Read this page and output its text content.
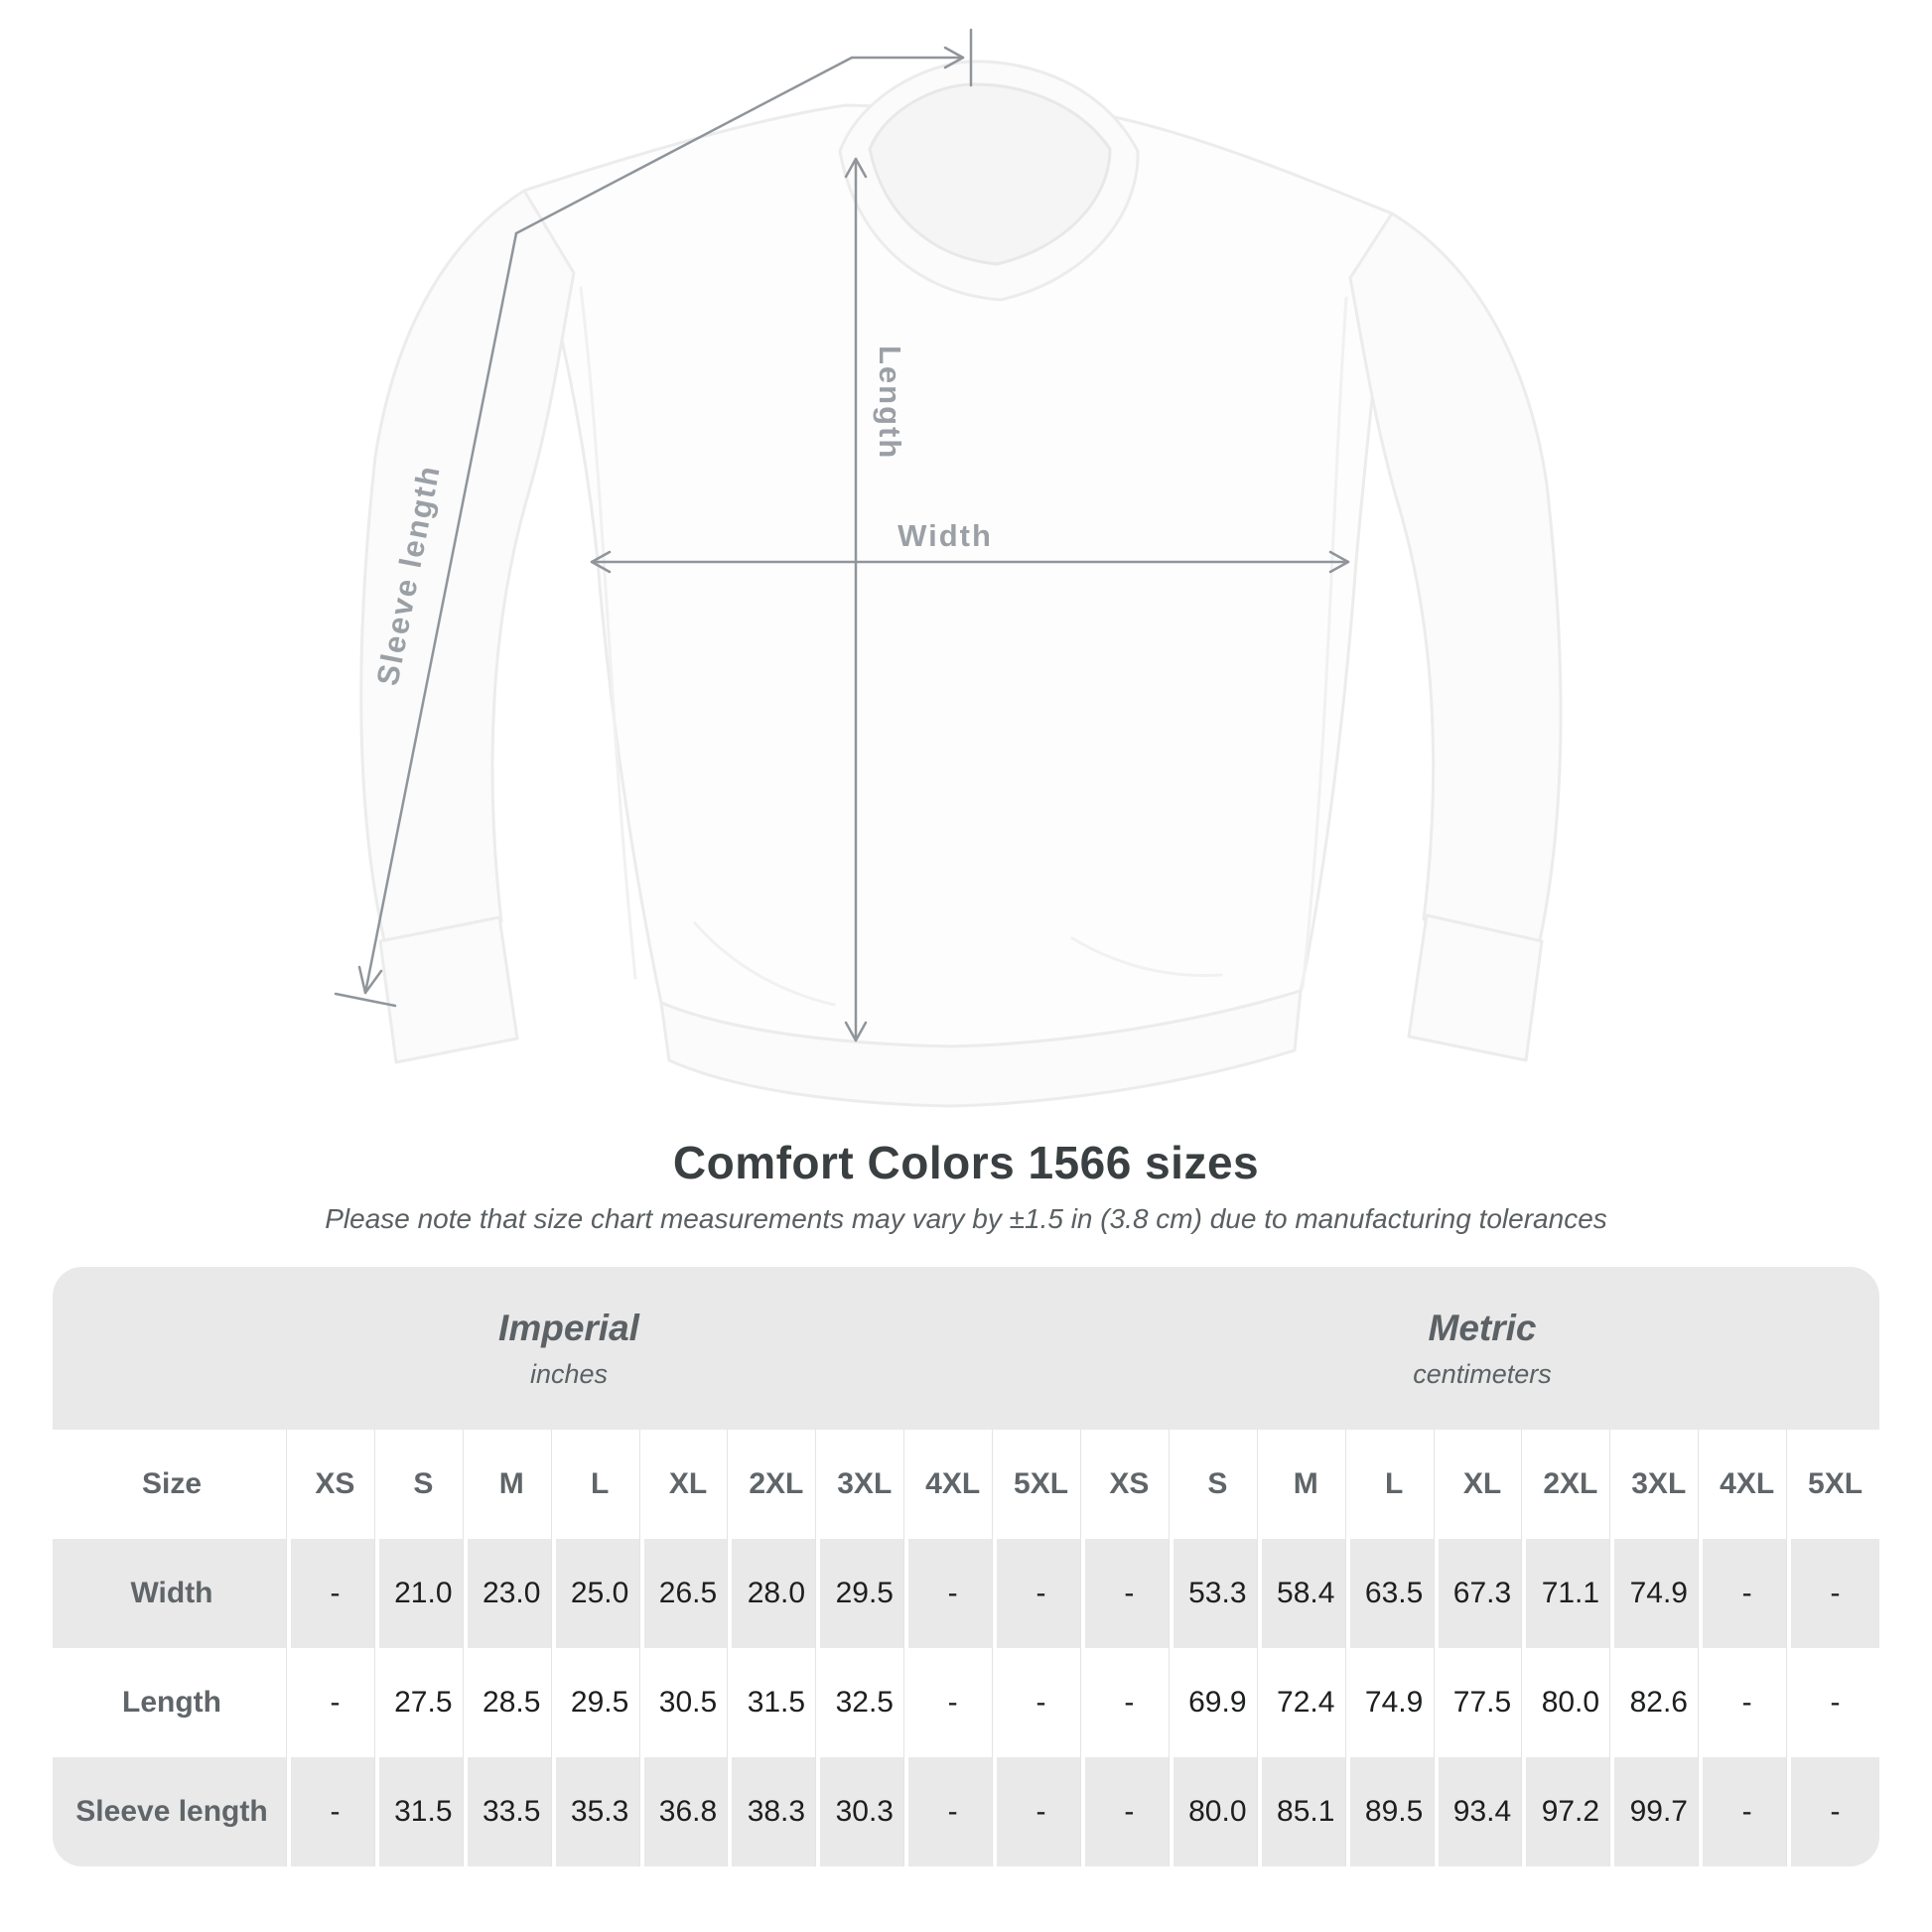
Length
Width
Sleeve length
Comfort Colors 1566 sizes

Please note that size chart measurements may vary by ±1.5 in (3.8 cm) due to manufacturing tolerances

Imperial
inches
Metric
centimeters
Size	XS	S	M	L	XL	2XL	3XL	4XL	5XL	XS	S	M	L	XL	2XL	3XL	4XL	5XL
Width	-	21.0	23.0	25.0	26.5	28.0	29.5	-	-	-	53.3	58.4	63.5	67.3	71.1	74.9	-	-
Length	-	27.5	28.5	29.5	30.5	31.5	32.5	-	-	-	69.9	72.4	74.9	77.5	80.0	82.6	-	-
Sleeve length	-	31.5	33.5	35.3	36.8	38.3	30.3	-	-	-	80.0	85.1	89.5	93.4	97.2	99.7	-	-
